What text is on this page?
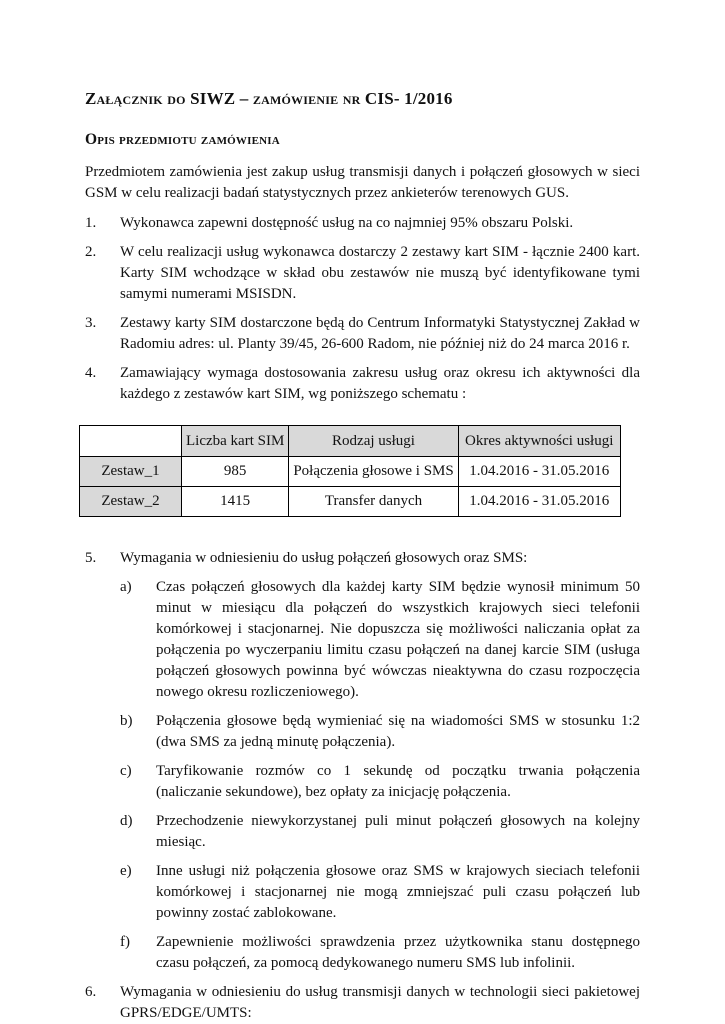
Załącznik do SIWZ – zamówienie nr CIS- 1/2016
Opis przedmiotu zamówienia

Przedmiotem zamówienia jest zakup usług transmisji danych i połączeń głosowych w sieci GSM w celu realizacji badań statystycznych przez ankieterów terenowych GUS.

1.	Wykonawca zapewni dostępność usług na co najmniej 95% obszaru Polski.
2.	W celu realizacji usług wykonawca dostarczy 2 zestawy kart SIM - łącznie 2400 kart. Karty SIM wchodzące w skład obu zestawów nie muszą być identyfikowane tymi samymi numerami MSISDN.
3.	Zestawy karty SIM dostarczone będą do Centrum Informatyki Statystycznej Zakład w Radomiu adres: ul. Planty 39/45, 26-600 Radom, nie później niż do 24 marca 2016 r.
4.	Zamawiający wymaga dostosowania zakresu usług oraz okresu ich aktywności dla każdego z zestawów kart SIM, wg poniższego schematu :
	Liczba kart SIM	Rodzaj usługi	Okres aktywności usługi
Zestaw_1	985	Połączenia głosowe i SMS	1.04.2016 - 31.05.2016
Zestaw_2	1415	Transfer danych	1.04.2016 - 31.05.2016
5.	Wymagania w odniesieniu do usług połączeń głosowych oraz SMS:
a)	Czas połączeń głosowych dla każdej karty SIM będzie wynosił minimum 50 minut w miesiącu dla połączeń do wszystkich krajowych sieci telefonii komórkowej i stacjonarnej. Nie dopuszcza się możliwości naliczania opłat za połączenia po wyczerpaniu limitu czasu połączeń na danej karcie SIM (usługa połączeń głosowych powinna być wówczas nieaktywna do czasu rozpoczęcia nowego okresu rozliczeniowego).
b)	Połączenia głosowe będą wymieniać się na wiadomości SMS w stosunku 1:2 (dwa SMS za jedną minutę połączenia).
c)	Taryfikowanie rozmów co 1 sekundę od początku trwania połączenia (naliczanie sekundowe), bez opłaty za inicjację połączenia.
d)	Przechodzenie niewykorzystanej puli minut połączeń głosowych na kolejny miesiąc.
e)	Inne usługi niż połączenia głosowe oraz SMS w krajowych sieciach telefonii komórkowej i stacjonarnej nie mogą zmniejszać puli czasu połączeń lub powinny zostać zablokowane.
f)	Zapewnienie możliwości sprawdzenia przez użytkownika stanu dostępnego czasu połączeń, za pomocą dedykowanego numeru SMS lub infolinii.
6.	Wymagania w odniesieniu do usług transmisji danych w technologii sieci pakietowej GPRS/EDGE/UMTS:
